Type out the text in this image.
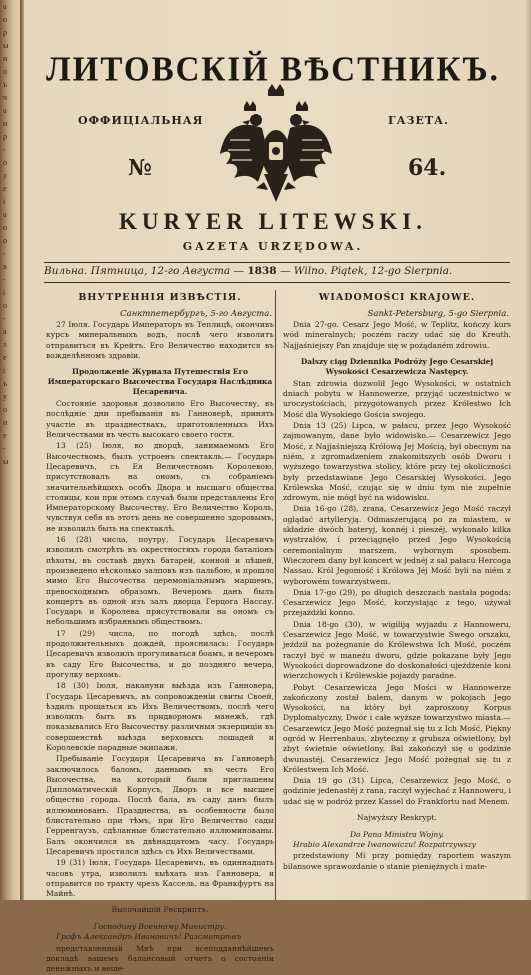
а
о
р
ы
и
о
ъ
ч
а
и
р
-
о
у
е
і
а
о
о
-
в
-
і
о
-
а
з
е
і
ъ
у
о
и
е
-
ы
ЛИТОВСКІЙ ВѢСТНИКЪ.
ОФФИЦІАЛЬНАЯ	ГАЗЕТА.
№	64.
KURYER LITEWSKI.
GAZETA URZĘDOWA.
Вильна. Пятница, 12-го Августа — 1838 — Wilno. Piątek, 12-go Sierpnia.
ВНУТРЕННІЯ ИЗВѢСТІЯ.
Санктпетербургъ, 5-го Августа.

27 Іюля. Государь Императоръ въ Теплицѣ, окончивъ курсъ минеральныхъ водъ, послѣ чего изволитъ отправиться въ Крейтъ. Его Величество находится въ вожделѣнномъ здравіи.

Продолженіе Журнала Путешествія Его Императорскаго Высочества Государя Наслѣдника Цесаревича.

Состояніе здоровья дозволило Его Высочеству, въ послѣдніе дни пребыванія въ Ганноверѣ, принять участіе въ празднествахъ, приготовленныхъ Ихъ Величествами въ честь высокаго своего гостя.

13 (25) Іюля, во дворцѣ, занимаемомъ Его Высочествомъ, былъ устроенъ спектакль.— Государь Цесаревичъ, съ Ея Величествомъ Королевою, присутствовалъ на ономъ, съ собраніемъ значительнѣйшихъ особъ Двора и высшаго общества столицы, кои при этомъ случаѣ были представлены Его Императорскому Высочеству. Его Величество Король, чувствуя себя въ этотъ день не совершенно здоровымъ, не изволилъ быть на спектаклѣ.

16 (28) числа, поутру, Государь Цесаревичъ изволилъ смотрѣть въ окрестностяхъ города баталіонъ пѣхоты, въ составѣ двухъ батарей, конной и пѣшей, произведено нѣсколько залповъ изъ пальбою, и прошло мимо Его Высочества церемоніальнымъ маршемъ, превосходнымъ образомъ. Вечеромъ данъ былъ концертъ въ одной изъ залъ дворца Герцога Нассау. Государь и Королева присутствовали на ономъ съ небольшимъ избраннымъ обществомъ.

17 (29) числа, по погодѣ здѣсь, послѣ продолжительныхъ дождей, прояснилась: Государь Цесаревичъ изволилъ прогуливаться боамъ, и вечеромъ въ саду Его Высочества, и до поздняго вечера, прогулку верхомъ.

18 (30) Іюля, накануни выѣзда изъ Ганновера, Государь Цесаревичъ, въ сопровожденіи свиты Своей, ѣздилъ прощаться къ Ихъ Величествомъ, послѣ чего изволилъ быть въ придворномъ манежѣ, гдѣ показывались Его Высочеству различныя экзерциціи въ совершенствѣ выѣзда верховыхъ лошадей и Королевскіе парадные экипажи.

Пребываніе Государя Цесаревича въ Ганноверѣ заключилось баломъ, даннымъ въ честь Его Высочества, на который были приглашены Дипломатическій Корпусъ, Дворъ и все высшее общество города. Послѣ бала, въ саду данъ былъ иллюминованъ. Празднества, въ особенности было блистательно при тѣмъ, при Его Величество сады Герренгаузъ, сдѣланные блистательно иллюминованы. Балъ окончился въ двѣнадцатомъ часу. Государь Цесаревичъ простился здѣсь съ Ихъ Величествами.

19 (31) Іюля, Государь Цесаревичъ, въ одиннадцать часовъ утра, изволилъ выѣхать изъ Ганновера, и отправится по тракту чрезъ Кассель, на Франкфуртъ на Майнѣ.

Высочайшій Рескриптъ.
Господину Военному Министру.

Графъ Александръ Ивановичъ! Разсмотрѣвъ

представленный Мнѣ при всеподданнѣйшемъ докладѣ вашемъ балансовый отчетъ о состояніи денежныхъ и веще-

WIADOMOŚCI KRAJOWE.
Sankt-Petersburg, 5-go Sierpnia.

Dnia 27-go. Cesarz Jego Mość, w Teplitz, kończy kurs wód mineralnych; poczém raczy udać się do Kreuth. Najjaśniejszy Pan znajduje się w pożądaném zdrowiu.

Dalszy ciąg Dziennika Podróży Jego Cesarskiej Wysokości Cesarzewicza Następcy.

Stan zdrowia dozwolił Jego Wysokości, w ostatnich dniach pobytu w Hannowerze, przyjąć uczestnictwo w uroczystościach, przygotowanych przez Królestwo Ich Mość dla Wysokiego Gościa swojego.

Dnia 13 (25) Lipca, w pałacu, przez Jego Wysokość zajmowanym, dane było widowisko.— Cesarzewicz Jego Mość, z Najjaśniejszą Królową Jej Mością, był obecnym na niém, z zgromadzeniem znakomitszych osób Dworu i wyższego towarzystwa stolicy, które przy tej okoliczności były przedstawiane Jego Cesarskiej Wysokości. Jego Królewska Mość, czując się w dniu tym nie zupełnie zdrowym, nie mógł być na widowisku.

Dnia 16-go (28), zrana, Cesarzewicz Jego Mość raczył oglądać artylleryją. Odmaszerującą po za miastem, w składzie dwóch bateryj, konnéj i pieszéj, wykonało kilka wystrzałów, i przeciągnęło przed Jego Wysokością ceremonialnym marszem, wybornym sposobem. Wieczorem dany był koncert w jednéj z sal pałacu Hercoga Nassau. Król Jegomość i Królowa Jéj Mość byli na niém z wyborowém towarzystwem.

Dnia 17-go (29), po długich deszczach nastała pogoda: Cesarzewicz Jego Mość, korzystając z tego, używał przejażdżki konno.

Dnia 18-go (30), w wigiliją wyjazdu z Hannoweru, Cesarzewicz Jego Mość, w towarzystwie Swego orszaku, jeździł na pożegnanie do Królewstwa Ich Mość, poczém raczył być w maneżu dworu, gdzie pokazane były Jego Wysokości doprowadzone do doskonałości ujeżdżenie koni wierzchowych i Królewskie pojazdy paradne.

Pobyt Cesarzewicza Jego Mości w Hannowerze zakończony został balem, danym w pokojach Jego Wysokości, na który był zaproszony Korpus Dyplomatyczny, Dwór i całe wyższe towarzystwo miasta.— Cesarzewicz Jego Mość pożegnał się tu z Ich Mość, Piękny ogród w Herrenhaus, zbyteczny z grubsza oświetlony, był zbyt świetnie oświetlony. Bal zakończył się o godzinie dwunastéj. Cesarzewicz Jego Mość pożegnał się tu z Królestwem Ich Mość.

Dnia 19 go (31) Lipca, Cesarzewicz Jego Mość, o godzinie jedenastéj z rana, raczył wyjechać z Hannoweru, i udać się w podróż przez Kassel do Frankfortu nad Menem.

Najwyższy Reskrypt.
Do Pana Ministra Wojny.

Hrabio Alexandrze Iwanowiczu! Rozpatrzywszy

przedstawiony Mi przy pomiędzy raportem waszym bilansowe sprawozdanie o stanie pieniężnych i mate-
